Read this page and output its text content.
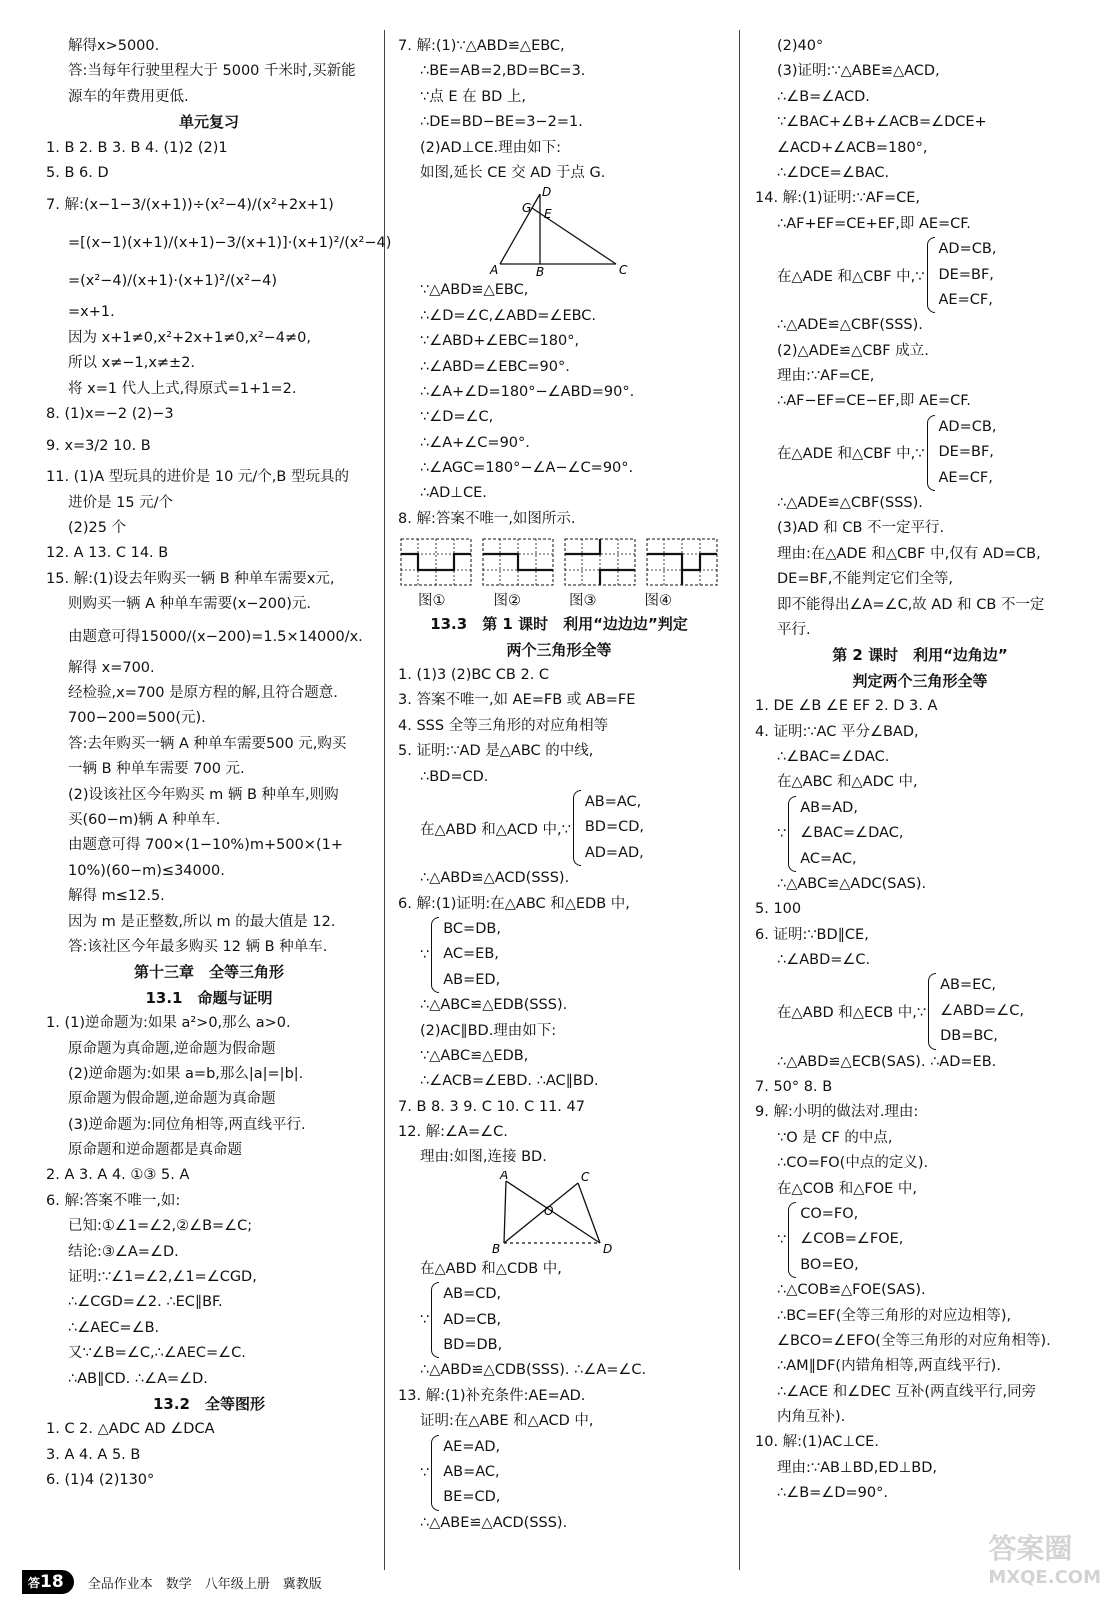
解得x>5000.
答:当每年行驶里程大于 5000 千米时,买新能
源车的年费用更低.
单元复习
1. B 2. B 3. B 4. (1)2 (2)1
5. B 6. D
7. 解:(x−1−3/(x+1))÷(x²−4)/(x²+2x+1)
=[(x−1)(x+1)/(x+1)−3/(x+1)]·(x+1)²/(x²−4)
=(x²−4)/(x+1)·(x+1)²/(x²−4)
=x+1.
因为 x+1≠0,x²+2x+1≠0,x²−4≠0,
所以 x≠−1,x≠±2.
将 x=1 代人上式,得原式=1+1=2.
8. (1)x=−2 (2)−3
9. x=3/2 10. B
11. (1)A 型玩具的进价是 10 元/个,B 型玩具的
进价是 15 元/个
(2)25 个
12. A 13. C 14. B
15. 解:(1)设去年购买一辆 B 种单车需要x元,
则购买一辆 A 种单车需要(x−200)元.
由题意可得15000/(x−200)=1.5×14000/x.
解得 x=700.
经检验,x=700 是原方程的解,且符合题意.
700−200=500(元).
答:去年购买一辆 A 种单车需要500 元,购买
一辆 B 种单车需要 700 元.
(2)设该社区今年购买 m 辆 B 种单车,则购
买(60−m)辆 A 种单车.
由题意可得 700×(1−10%)m+500×(1+
10%)(60−m)≤34000.
解得 m≤12.5.
因为 m 是正整数,所以 m 的最大值是 12.
答:该社区今年最多购买 12 辆 B 种单车.
第十三章　全等三角形
13.1　命题与证明
1. (1)逆命题为:如果 a²>0,那么 a>0.
原命题为真命题,逆命题为假命题
(2)逆命题为:如果 a=b,那么|a|=|b|.
原命题为假命题,逆命题为真命题
(3)逆命题为:同位角相等,两直线平行.
原命题和逆命题都是真命题
2. A 3. A 4. ①③ 5. A
6. 解:答案不唯一,如:
已知:①∠1=∠2,②∠B=∠C;
结论:③∠A=∠D.
证明:∵∠1=∠2,∠1=∠CGD,
∴∠CGD=∠2. ∴EC∥BF.
∴∠AEC=∠B.
又∵∠B=∠C,∴∠AEC=∠C.
∴AB∥CD. ∴∠A=∠D.
13.2　全等图形
1. C 2. △ADC AD ∠DCA
3. A 4. A 5. B
6. (1)4 (2)130°
7. 解:(1)∵△ABD≌△EBC,
∴BE=AB=2,BD=BC=3.
∵点 E 在 BD 上,
∴DE=BD−BE=3−2=1.
(2)AD⊥CE.理由如下:
如图,延长 CE 交 AD 于点 G.
D
G E
A	B	C
∵△ABD≌△EBC,
∴∠D=∠C,∠ABD=∠EBC.
∵∠ABD+∠EBC=180°,
∴∠ABD=∠EBC=90°.
∴∠A+∠D=180°−∠ABD=90°.
∵∠D=∠C,
∴∠A+∠C=90°.
∴∠AGC=180°−∠A−∠C=90°.
∴AD⊥CE.
8. 解:答案不唯一,如图所示.
图①	图②	图③	图④
13.3　第 1 课时　利用“边边边”判定
两个三角形全等
1. (1)3 (2)BC CB 2. C
3. 答案不唯一,如 AE=FB 或 AB=FE
4. SSS 全等三角形的对应角相等
5. 证明:∵AD 是△ABC 的中线,
∴BD=CD.
在△ABD 和△ACD 中,∵
AB=AC,
BD=CD,
AD=AD,
∴△ABD≌△ACD(SSS).
6. 解:(1)证明:在△ABC 和△EDB 中,
∵
BC=DB,
AC=EB,
AB=ED,
∴△ABC≌△EDB(SSS).
(2)AC∥BD.理由如下:
∵△ABC≌△EDB,
∴∠ACB=∠EBD. ∴AC∥BD.
7. B 8. 3 9. C 10. C 11. 47
12. 解:∠A=∠C.
理由:如图,连接 BD.
A	C
O
B	D
在△ABD 和△CDB 中,
∵
AB=CD,
AD=CB,
BD=DB,
∴△ABD≌△CDB(SSS). ∴∠A=∠C.
13. 解:(1)补充条件:AE=AD.
证明:在△ABE 和△ACD 中,
∵
AE=AD,
AB=AC,
BE=CD,
∴△ABE≌△ACD(SSS).
(2)40°
(3)证明:∵△ABE≌△ACD,
∴∠B=∠ACD.
∵∠BAC+∠B+∠ACB=∠DCE+
∠ACD+∠ACB=180°,
∴∠DCE=∠BAC.
14. 解:(1)证明:∵AF=CE,
∴AF+EF=CE+EF,即 AE=CF.
在△ADE 和△CBF 中,∵
AD=CB,
DE=BF,
AE=CF,
∴△ADE≌△CBF(SSS).
(2)△ADE≌△CBF 成立.
理由:∵AF=CE,
∴AF−EF=CE−EF,即 AE=CF.
在△ADE 和△CBF 中,∵
AD=CB,
DE=BF,
AE=CF,
∴△ADE≌△CBF(SSS).
(3)AD 和 CB 不一定平行.
理由:在△ADE 和△CBF 中,仅有 AD=CB,
DE=BF,不能判定它们全等,
即不能得出∠A=∠C,故 AD 和 CB 不一定
平行.
第 2 课时　利用“边角边”
判定两个三角形全等
1. DE ∠B ∠E EF 2. D 3. A
4. 证明:∵AC 平分∠BAD,
∴∠BAC=∠DAC.
在△ABC 和△ADC 中,
∵
AB=AD,
∠BAC=∠DAC,
AC=AC,
∴△ABC≌△ADC(SAS).
5. 100
6. 证明:∵BD∥CE,
∴∠ABD=∠C.
在△ABD 和△ECB 中,∵
AB=EC,
∠ABD=∠C,
DB=BC,
∴△ABD≌△ECB(SAS). ∴AD=EB.
7. 50° 8. B
9. 解:小明的做法对.理由:
∵O 是 CF 的中点,
∴CO=FO(中点的定义).
在△COB 和△FOE 中,
∵
CO=FO,
∠COB=∠FOE,
BO=EO,
∴△COB≌△FOE(SAS).
∴BC=EF(全等三角形的对应边相等),
∠BCO=∠EFO(全等三角形的对应角相等).
∴AM∥DF(内错角相等,两直线平行).
∴∠ACE 和∠DEC 互补(两直线平行,同旁
内角互补).
10. 解:(1)AC⊥CE.
理由:∵AB⊥BD,ED⊥BD,
∴∠B=∠D=90°.
答18	全品作业本　数学　八年级上册　冀教版
答案圈
MXQE.COM
